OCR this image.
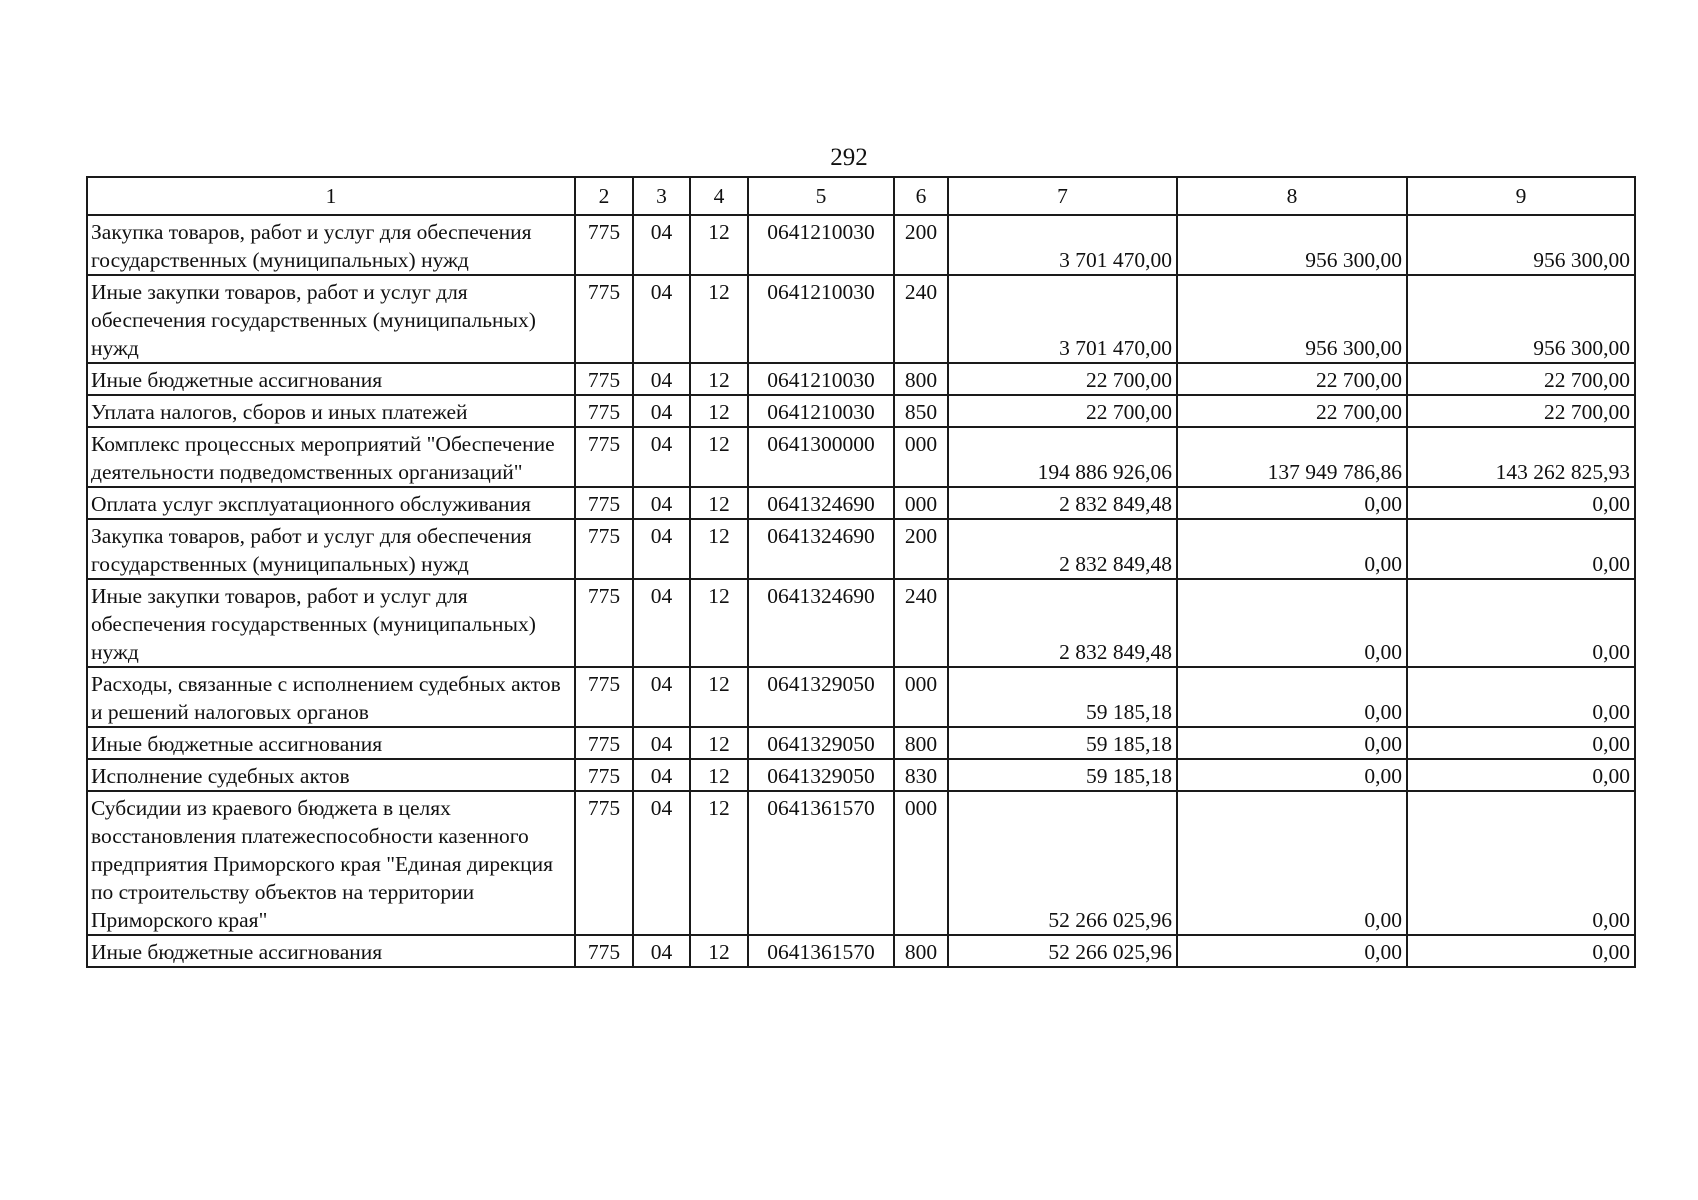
292
1	2	3	4	5	6	7	8	9
Закупка товаров, работ и услуг для обеспечения государственных (муниципальных) нужд	775	04	12	0641210030	200	3 701 470,00	956 300,00	956 300,00
Иные закупки товаров, работ и услуг для обеспечения государственных (муниципальных) нужд	775	04	12	0641210030	240	3 701 470,00	956 300,00	956 300,00
Иные бюджетные ассигнования	775	04	12	0641210030	800	22 700,00	22 700,00	22 700,00
Уплата налогов, сборов и иных платежей	775	04	12	0641210030	850	22 700,00	22 700,00	22 700,00
Комплекс процессных мероприятий "Обеспечение деятельности подведомственных организаций"	775	04	12	0641300000	000	194 886 926,06	137 949 786,86	143 262 825,93
Оплата услуг эксплуатационного обслуживания	775	04	12	0641324690	000	2 832 849,48	0,00	0,00
Закупка товаров, работ и услуг для обеспечения государственных (муниципальных) нужд	775	04	12	0641324690	200	2 832 849,48	0,00	0,00
Иные закупки товаров, работ и услуг для обеспечения государственных (муниципальных) нужд	775	04	12	0641324690	240	2 832 849,48	0,00	0,00
Расходы, связанные с исполнением судебных актов и решений налоговых органов	775	04	12	0641329050	000	59 185,18	0,00	0,00
Иные бюджетные ассигнования	775	04	12	0641329050	800	59 185,18	0,00	0,00
Исполнение судебных актов	775	04	12	0641329050	830	59 185,18	0,00	0,00
Субсидии из краевого бюджета в целях восстановления платежеспособности казенного предприятия Приморского края "Единая дирекция по строительству объектов на территории Приморского края"	775	04	12	0641361570	000	52 266 025,96	0,00	0,00
Иные бюджетные ассигнования	775	04	12	0641361570	800	52 266 025,96	0,00	0,00
